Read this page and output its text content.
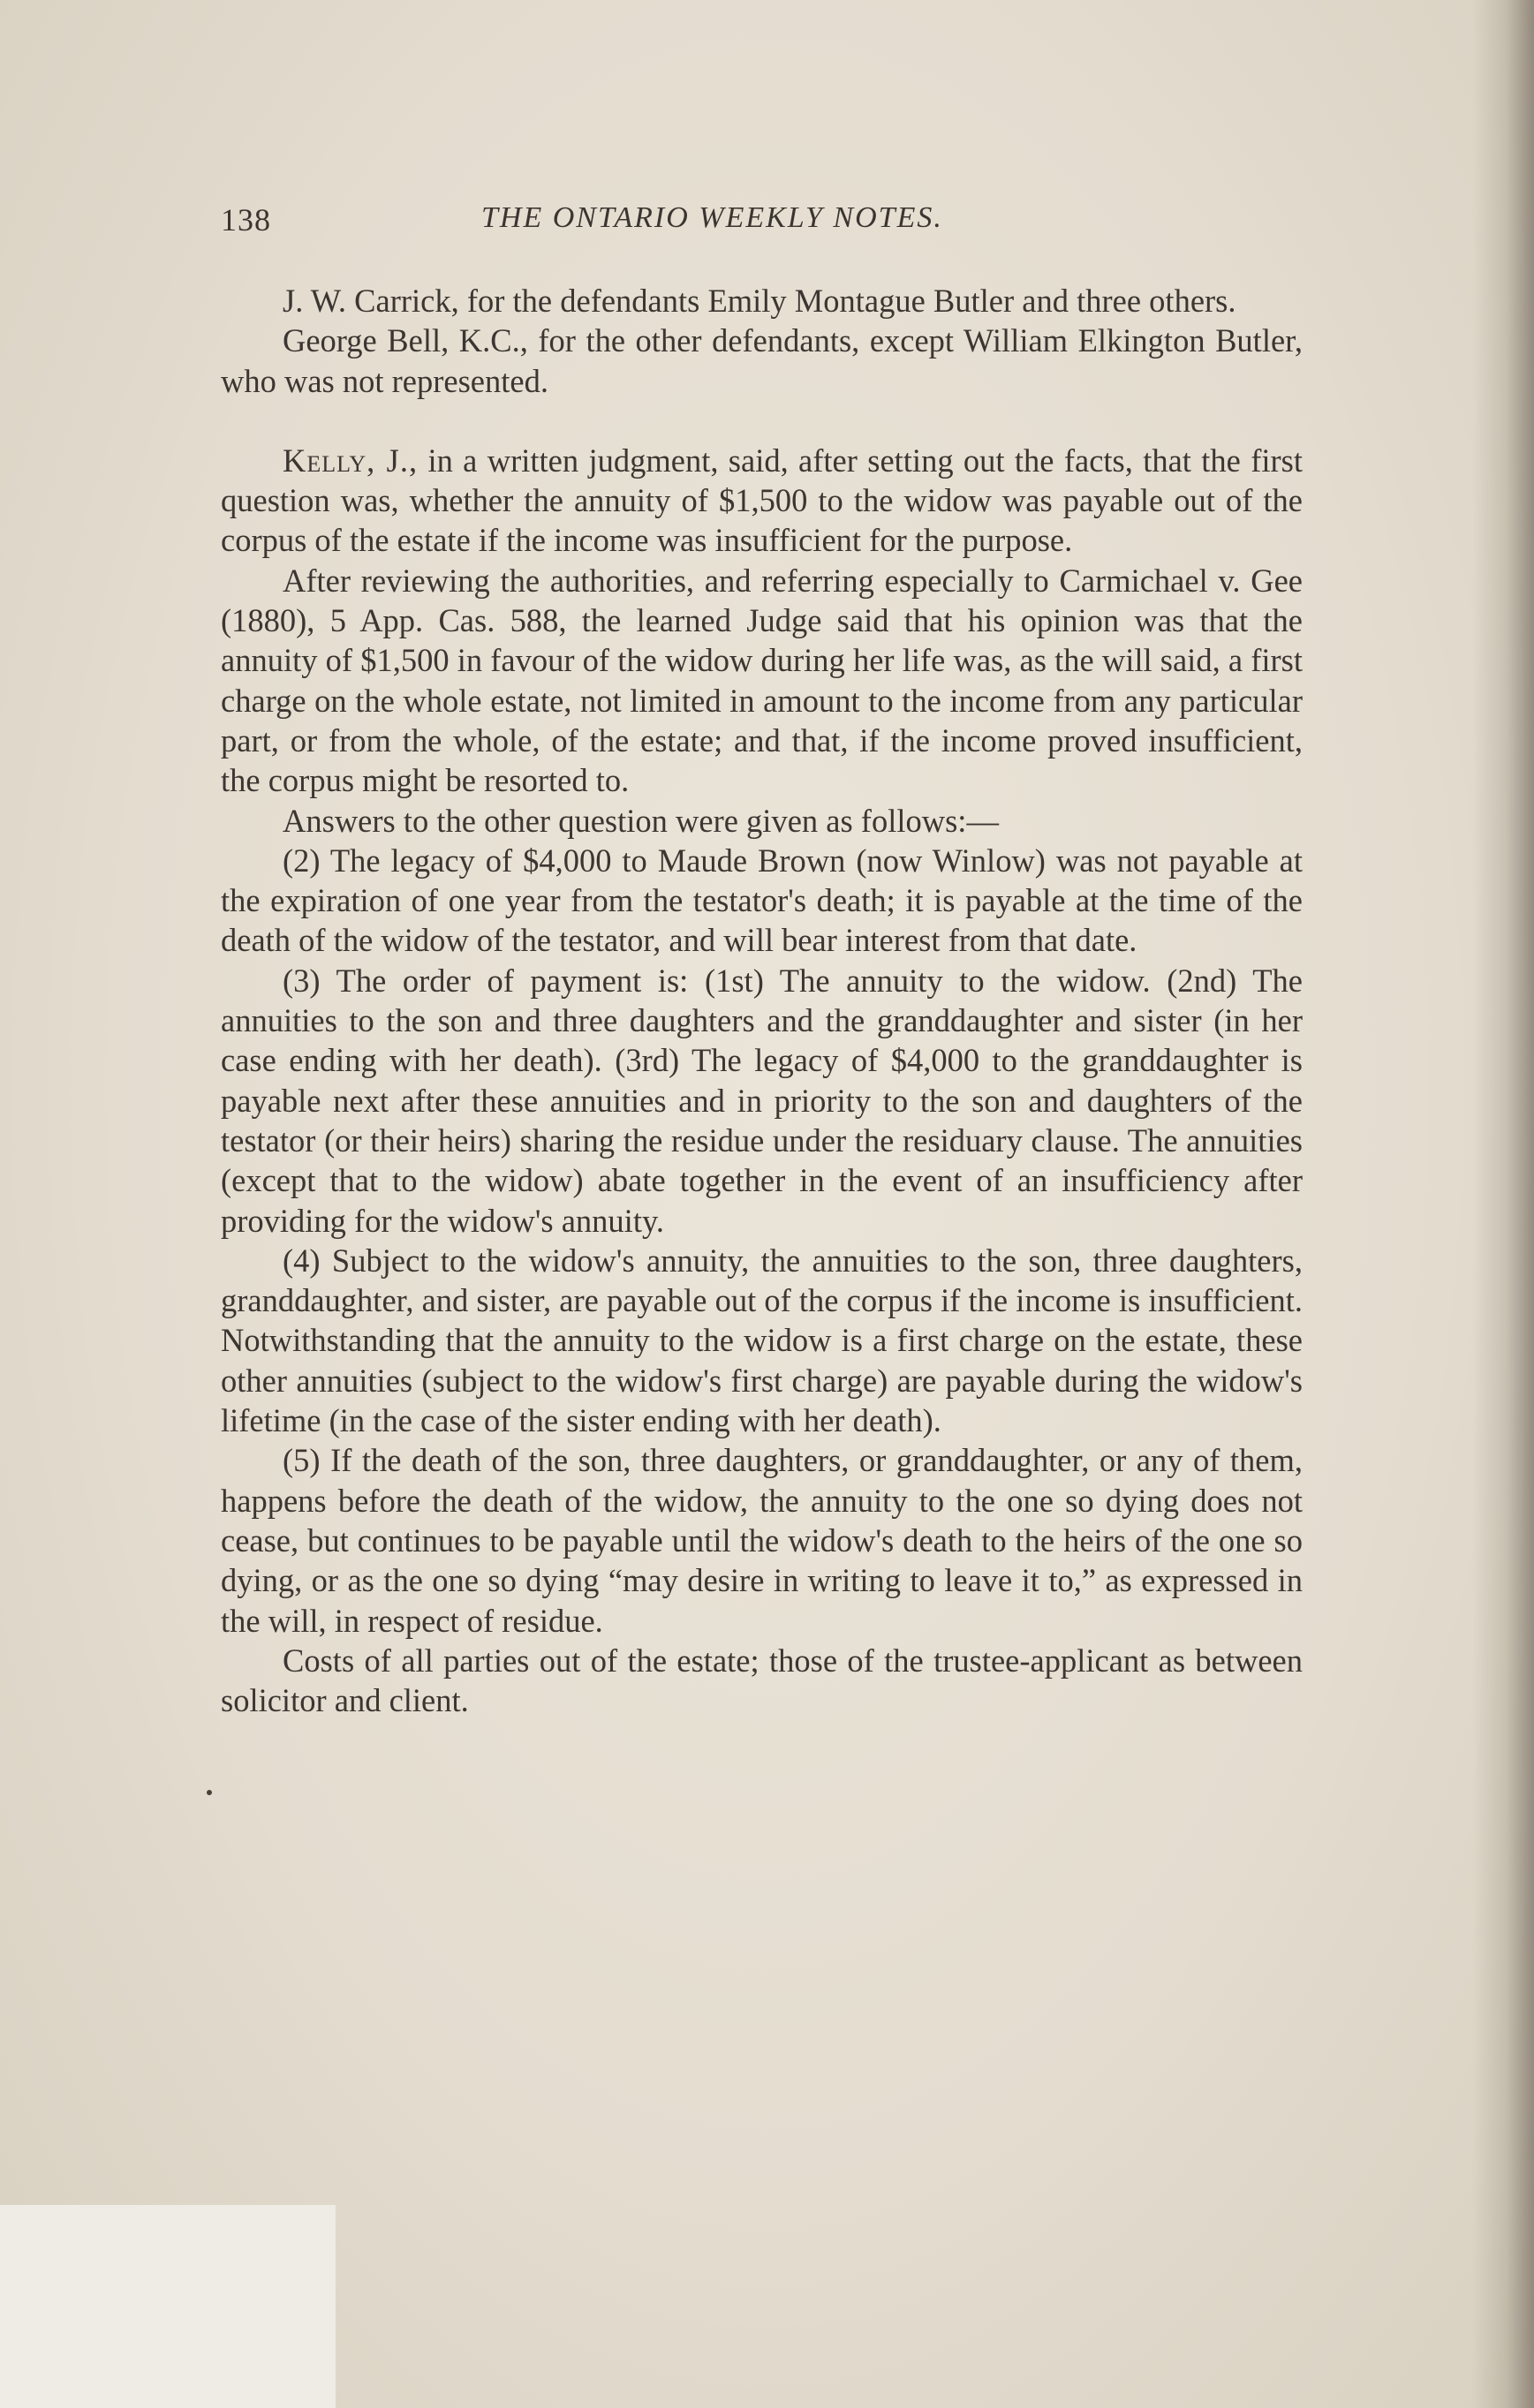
138	THE ONTARIO WEEKLY NOTES.

J. W. Carrick, for the defendants Emily Montague Butler and three others.

George Bell, K.C., for the other defendants, except William Elkington Butler, who was not represented.

Kelly, J., in a written judgment, said, after setting out the facts, that the first question was, whether the annuity of $1,500 to the widow was payable out of the corpus of the estate if the income was insufficient for the purpose.

After reviewing the authorities, and referring especially to Carmichael v. Gee (1880), 5 App. Cas. 588, the learned Judge said that his opinion was that the annuity of $1,500 in favour of the widow during her life was, as the will said, a first charge on the whole estate, not limited in amount to the income from any particular part, or from the whole, of the estate; and that, if the income proved insufficient, the corpus might be resorted to.

Answers to the other question were given as follows:—

(2) The legacy of $4,000 to Maude Brown (now Winlow) was not payable at the expiration of one year from the testator's death; it is payable at the time of the death of the widow of the testator, and will bear interest from that date.

(3) The order of payment is: (1st) The annuity to the widow. (2nd) The annuities to the son and three daughters and the granddaughter and sister (in her case ending with her death). (3rd) The legacy of $4,000 to the granddaughter is payable next after these annuities and in priority to the son and daughters of the testator (or their heirs) sharing the residue under the residuary clause. The annuities (except that to the widow) abate together in the event of an insufficiency after providing for the widow's annuity.

(4) Subject to the widow's annuity, the annuities to the son, three daughters, granddaughter, and sister, are payable out of the corpus if the income is insufficient. Notwithstanding that the annuity to the widow is a first charge on the estate, these other annuities (subject to the widow's first charge) are payable during the widow's lifetime (in the case of the sister ending with her death).

(5) If the death of the son, three daughters, or granddaughter, or any of them, happens before the death of the widow, the annuity to the one so dying does not cease, but continues to be payable until the widow's death to the heirs of the one so dying, or as the one so dying “may desire in writing to leave it to,” as expressed in the will, in respect of residue.

Costs of all parties out of the estate; those of the trustee-applicant as between solicitor and client.
